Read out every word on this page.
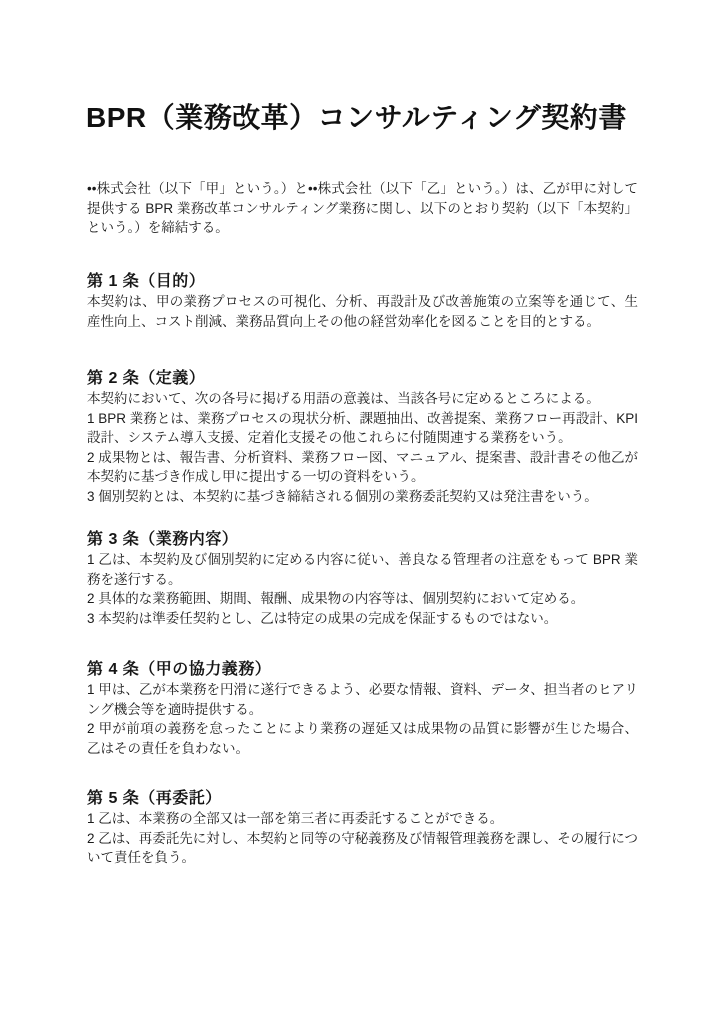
BPR（業務改革）コンサルティング契約書

••株式会社（以下「甲」という。）と••株式会社（以下「乙」という。）は、乙が甲に対して提供する BPR 業務改革コンサルティング業務に関し、以下のとおり契約（以下「本契約」という。）を締結する。

第 1 条（目的）

本契約は、甲の業務プロセスの可視化、分析、再設計及び改善施策の立案等を通じて、生産性向上、コスト削減、業務品質向上その他の経営効率化を図ることを目的とする。

第 2 条（定義）

本契約において、次の各号に掲げる用語の意義は、当該各号に定めるところによる。

1 BPR 業務とは、業務プロセスの現状分析、課題抽出、改善提案、業務フロー再設計、KPI 設計、システム導入支援、定着化支援その他これらに付随関連する業務をいう。

2 成果物とは、報告書、分析資料、業務フロー図、マニュアル、提案書、設計書その他乙が本契約に基づき作成し甲に提出する一切の資料をいう。

3 個別契約とは、本契約に基づき締結される個別の業務委託契約又は発注書をいう。

第 3 条（業務内容）

1 乙は、本契約及び個別契約に定める内容に従い、善良なる管理者の注意をもって BPR 業務を遂行する。

2 具体的な業務範囲、期間、報酬、成果物の内容等は、個別契約において定める。

3 本契約は準委任契約とし、乙は特定の成果の完成を保証するものではない。

第 4 条（甲の協力義務）

1 甲は、乙が本業務を円滑に遂行できるよう、必要な情報、資料、データ、担当者のヒアリング機会等を適時提供する。

2 甲が前項の義務を怠ったことにより業務の遅延又は成果物の品質に影響が生じた場合、乙はその責任を負わない。

第 5 条（再委託）

1 乙は、本業務の全部又は一部を第三者に再委託することができる。

2 乙は、再委託先に対し、本契約と同等の守秘義務及び情報管理義務を課し、その履行について責任を負う。
